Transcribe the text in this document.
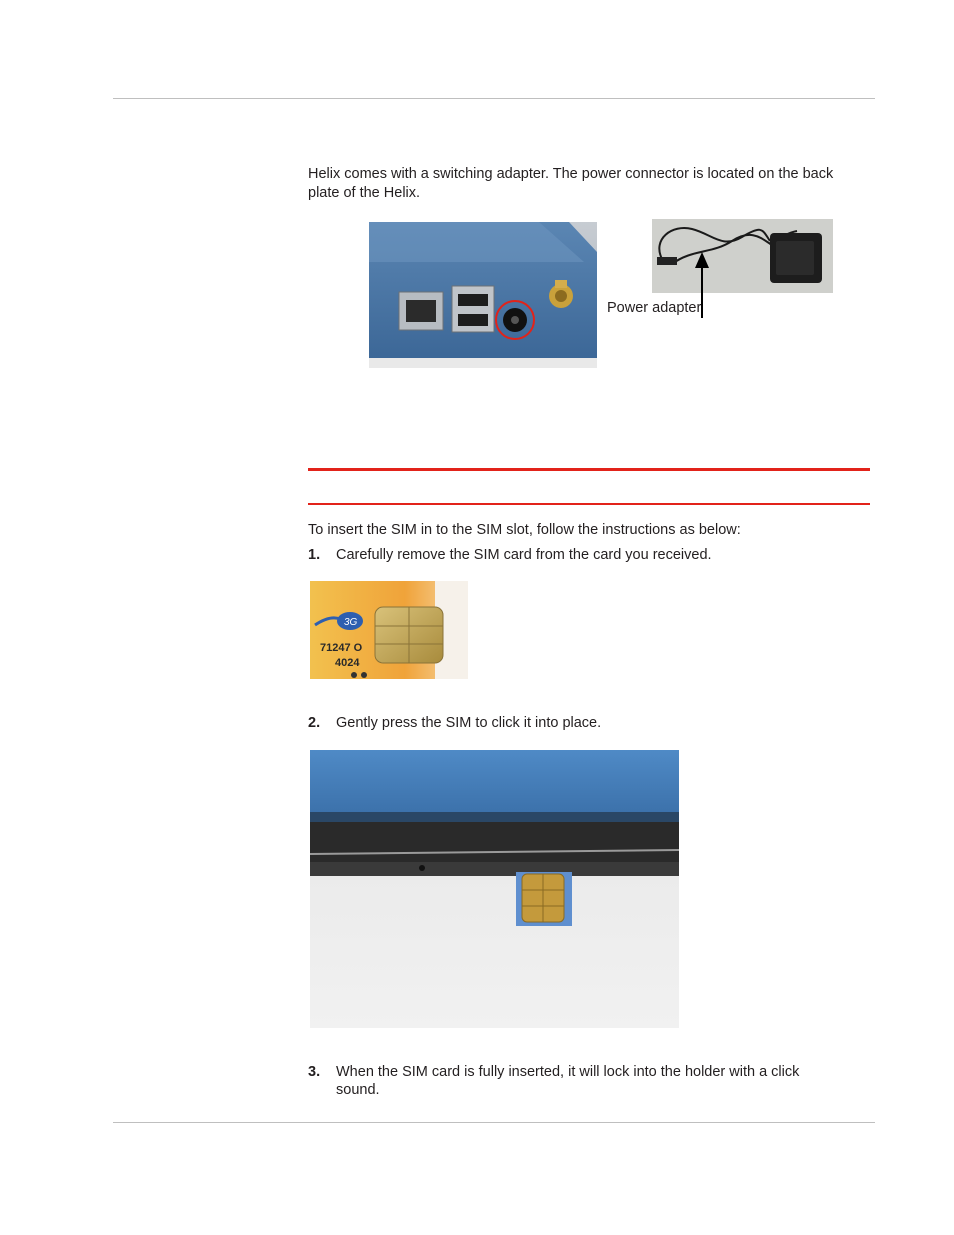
Helix comes with a switching adapter. The power connector is located on the back
plate of the Helix.
Power adapter
To insert the SIM in to the SIM slot, follow the instructions as below:
1. Carefully remove the SIM card from the card you received.
3G
71247 O
4024
2. Gently press the SIM to click it into place.
3. When the SIM card is fully inserted, it will lock into the holder with a click
sound.
